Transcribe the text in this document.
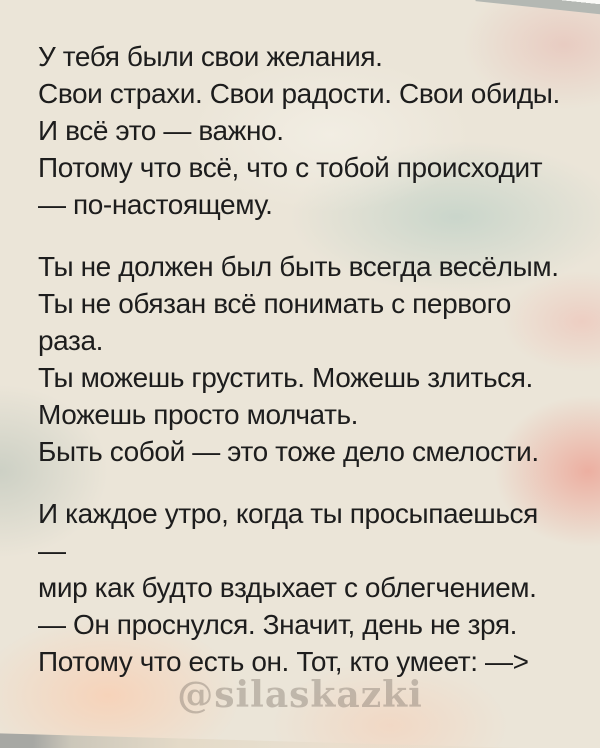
У тебя были свои желания.
Свои страхи. Свои радости. Свои обиды.
И всё это — важно.
Потому что всё, что с тобой происходит
— по-настоящему.

Ты не должен был быть всегда весёлым.
Ты не обязан всё понимать с первого
раза.
Ты можешь грустить. Можешь злиться.
Можешь просто молчать.
Быть собой — это тоже дело смелости.

И каждое утро, когда ты просыпаешься
—
мир как будто вздыхает с облегчением.
— Он проснулся. Значит, день не зря.
Потому что есть он. Тот, кто умеет: —>

@silaskazki
